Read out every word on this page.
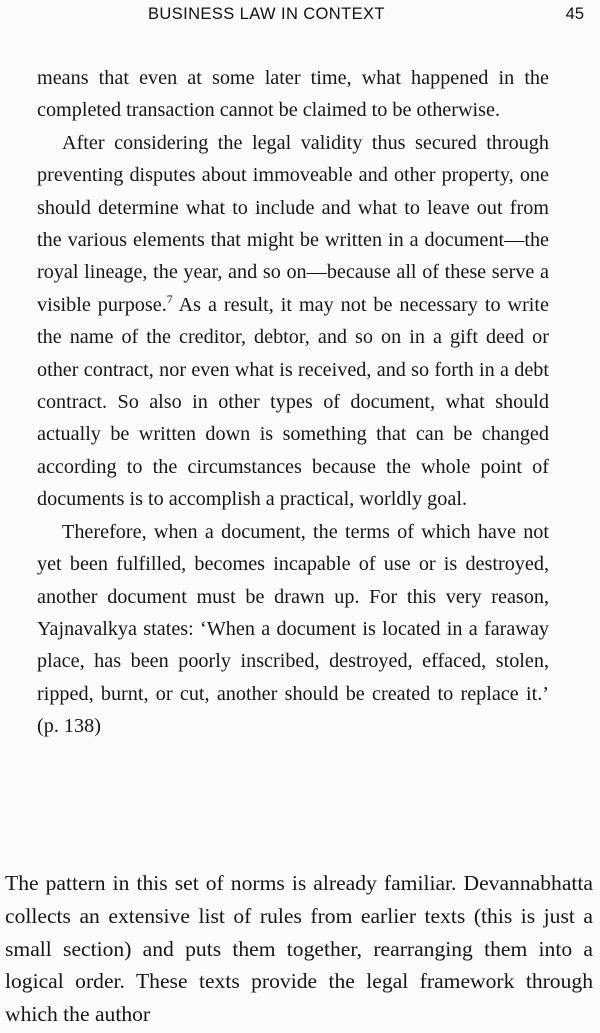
BUSINESS LAW IN CONTEXT	45

means that even at some later time, what happened in the completed transaction cannot be claimed to be otherwise.

After considering the legal validity thus secured through preventing disputes about immoveable and other property, one should determine what to include and what to leave out from the various elements that might be written in a document—the royal lineage, the year, and so on—because all of these serve a visible purpose.$^7$ As a result, it may not be necessary to write the name of the creditor, debtor, and so on in a gift deed or other contract, nor even what is received, and so forth in a debt contract. So also in other types of document, what should actually be written down is something that can be changed according to the circumstances because the whole point of documents is to accomplish a practical, worldly goal.

Therefore, when a document, the terms of which have not yet been fulfilled, becomes incapable of use or is destroyed, another document must be drawn up. For this very reason, Yajnavalkya states: ‘When a document is located in a faraway place, has been poorly inscribed, destroyed, effaced, stolen, ripped, burnt, or cut, another should be created to replace it.’ (p. 138)

The pattern in this set of norms is already familiar. Devannabhatta collects an extensive list of rules from earlier texts (this is just a small section) and puts them together, rearranging them into a logical order. These texts provide the legal framework through which the author
